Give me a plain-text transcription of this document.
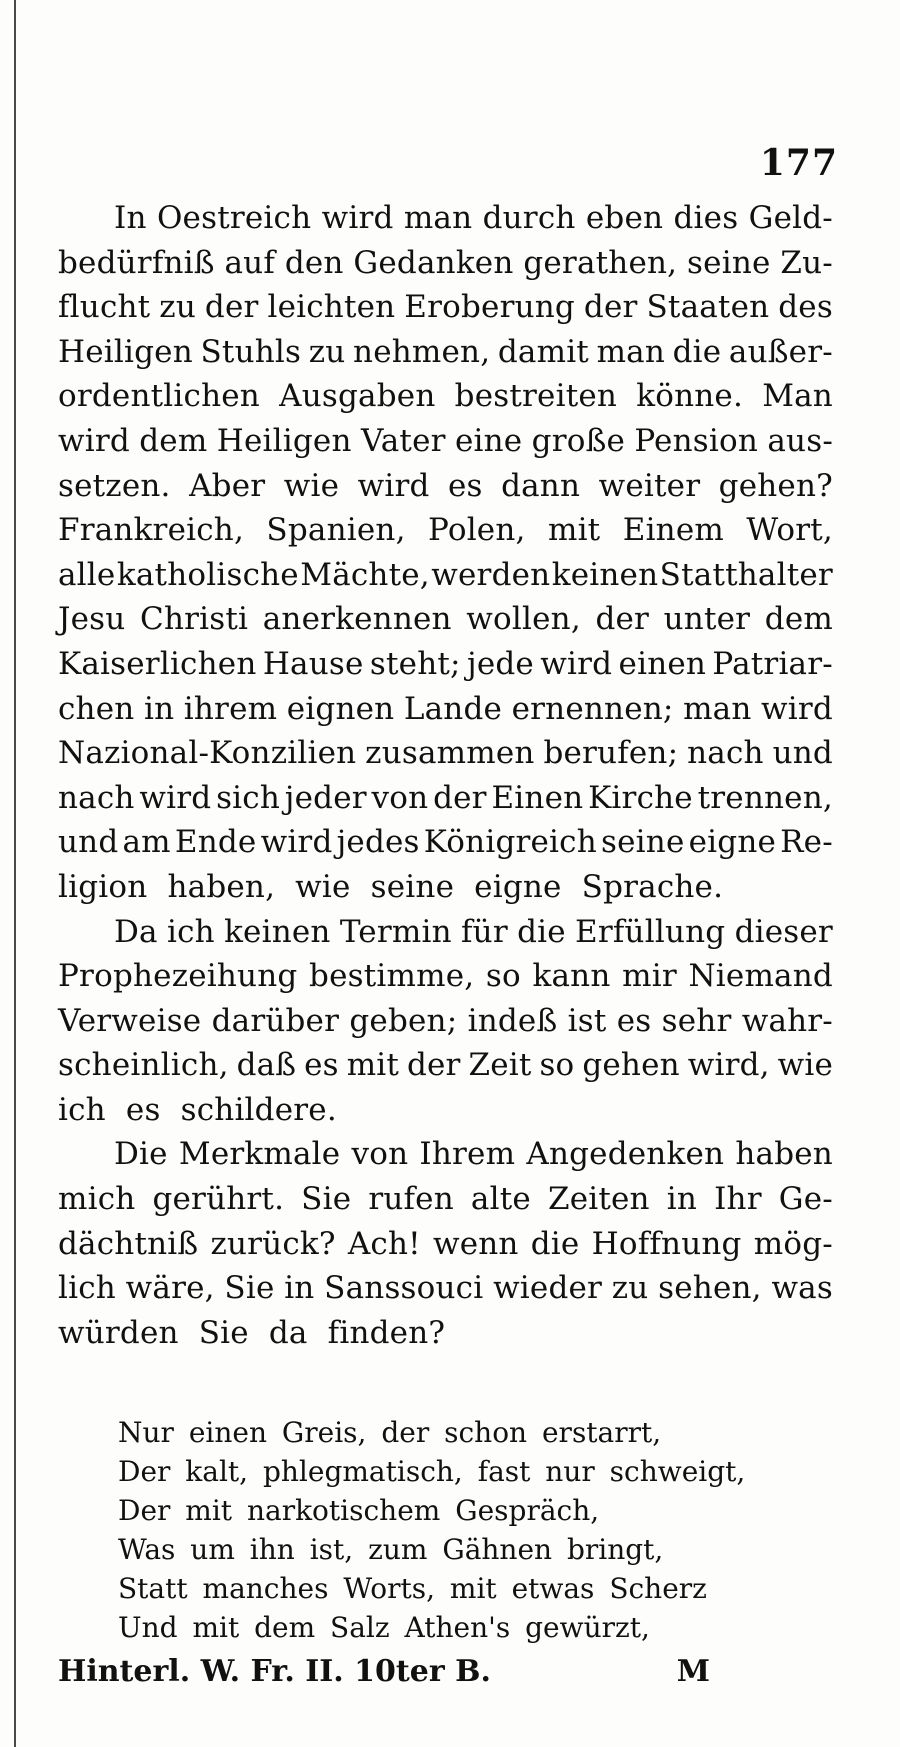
177
In Oestreich wird man durch eben dies Geld-
bedürfniß auf den Gedanken gerathen, seine Zu-
flucht zu der leichten Eroberung der Staaten des
Heiligen Stuhls zu nehmen, damit man die außer-
ordentlichen Ausgaben bestreiten könne. Man
wird dem Heiligen Vater eine große Pension aus-
setzen. Aber wie wird es dann weiter gehen?
Frankreich, Spanien, Polen, mit Einem Wort,
alle katholische Mächte, werden keinen Statthalter
Jesu Christi anerkennen wollen, der unter dem
Kaiserlichen Hause steht; jede wird einen Patriar-
chen in ihrem eignen Lande ernennen; man wird
Nazional-Konzilien zusammen berufen; nach und
nach wird sich jeder von der Einen Kirche trennen,
und am Ende wird jedes Königreich seine eigne Re-
ligion haben, wie seine eigne Sprache.
Da ich keinen Termin für die Erfüllung dieser
Prophezeihung bestimme, so kann mir Niemand
Verweise darüber geben; indeß ist es sehr wahr-
scheinlich, daß es mit der Zeit so gehen wird, wie
ich es schildere.
Die Merkmale von Ihrem Angedenken haben
mich gerührt. Sie rufen alte Zeiten in Ihr Ge-
dächtniß zurück? Ach! wenn die Hoffnung mög-
lich wäre, Sie in Sanssouci wieder zu sehen, was
würden Sie da finden?
Nur einen Greis, der schon erstarrt,
Der kalt, phlegmatisch, fast nur schweigt,
Der mit narkotischem Gespräch,
Was um ihn ist, zum Gähnen bringt,
Statt manches Worts, mit etwas Scherz
Und mit dem Salz Athen's gewürzt,
Hinterl. W. Fr. II. 10ter B.	M
